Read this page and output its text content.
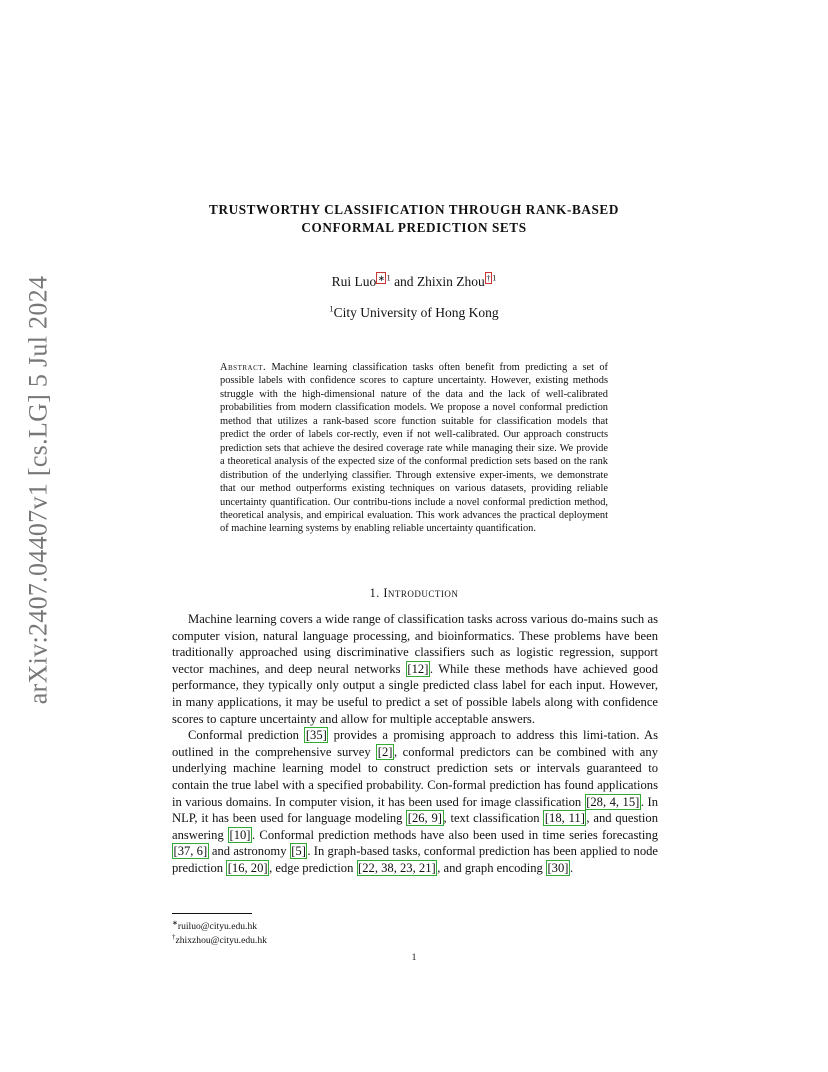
arXiv:2407.04407v1 [cs.LG] 5 Jul 2024
TRUSTWORTHY CLASSIFICATION THROUGH RANK-BASED
CONFORMAL PREDICTION SETS
Rui Luo $^{∗ 1}$ and Zhixin Zhou $^{\dagger 1}$
$^1$City University of Hong Kong
Abstract. Machine learning classification tasks often benefit from predicting a set of possible labels with confidence scores to capture uncertainty. However, existing methods struggle with the high-dimensional nature of the data and the lack of well-calibrated probabilities from modern classification models. We propose a novel conformal prediction method that utilizes a rank-based score function suitable for classification models that predict the order of labels cor-rectly, even if not well-calibrated. Our approach constructs prediction sets that achieve the desired coverage rate while managing their size. We provide a theoretical analysis of the expected size of the conformal prediction sets based on the rank distribution of the underlying classifier. Through extensive exper-iments, we demonstrate that our method outperforms existing techniques on various datasets, providing reliable uncertainty quantification. Our contribu-tions include a novel conformal prediction method, theoretical analysis, and empirical evaluation. This work advances the practical deployment of machine learning systems by enabling reliable uncertainty quantification.
1. Introduction

Machine learning covers a wide range of classification tasks across various do-mains such as computer vision, natural language processing, and bioinformatics. These problems have been traditionally approached using discriminative classifiers such as logistic regression, support vector machines, and deep neural networks [12] . While these methods have achieved good performance, they typically only output a single predicted class label for each input. However, in many applications, it may be useful to predict a set of possible labels along with confidence scores to capture uncertainty and allow for multiple acceptable answers.

Conformal prediction [35] provides a promising approach to address this limi-tation. As outlined in the comprehensive survey [2] , conformal predictors can be combined with any underlying machine learning model to construct prediction sets or intervals guaranteed to contain the true label with a specified probability. Con-formal prediction has found applications in various domains. In computer vision, it has been used for image classification [28, 4, 15] . In NLP, it has been used for language modeling [26, 9] , text classification [18, 11] , and question answering [10] . Conformal prediction methods have also been used in time series forecasting [37, 6] and astronomy [5] . In graph-based tasks, conformal prediction has been applied to node prediction [16, 20] , edge prediction [22, 38, 23, 21] , and graph encoding [30] .

∗ruiluo@cityu.edu.hk
†zhixzhou@cityu.edu.hk
1
